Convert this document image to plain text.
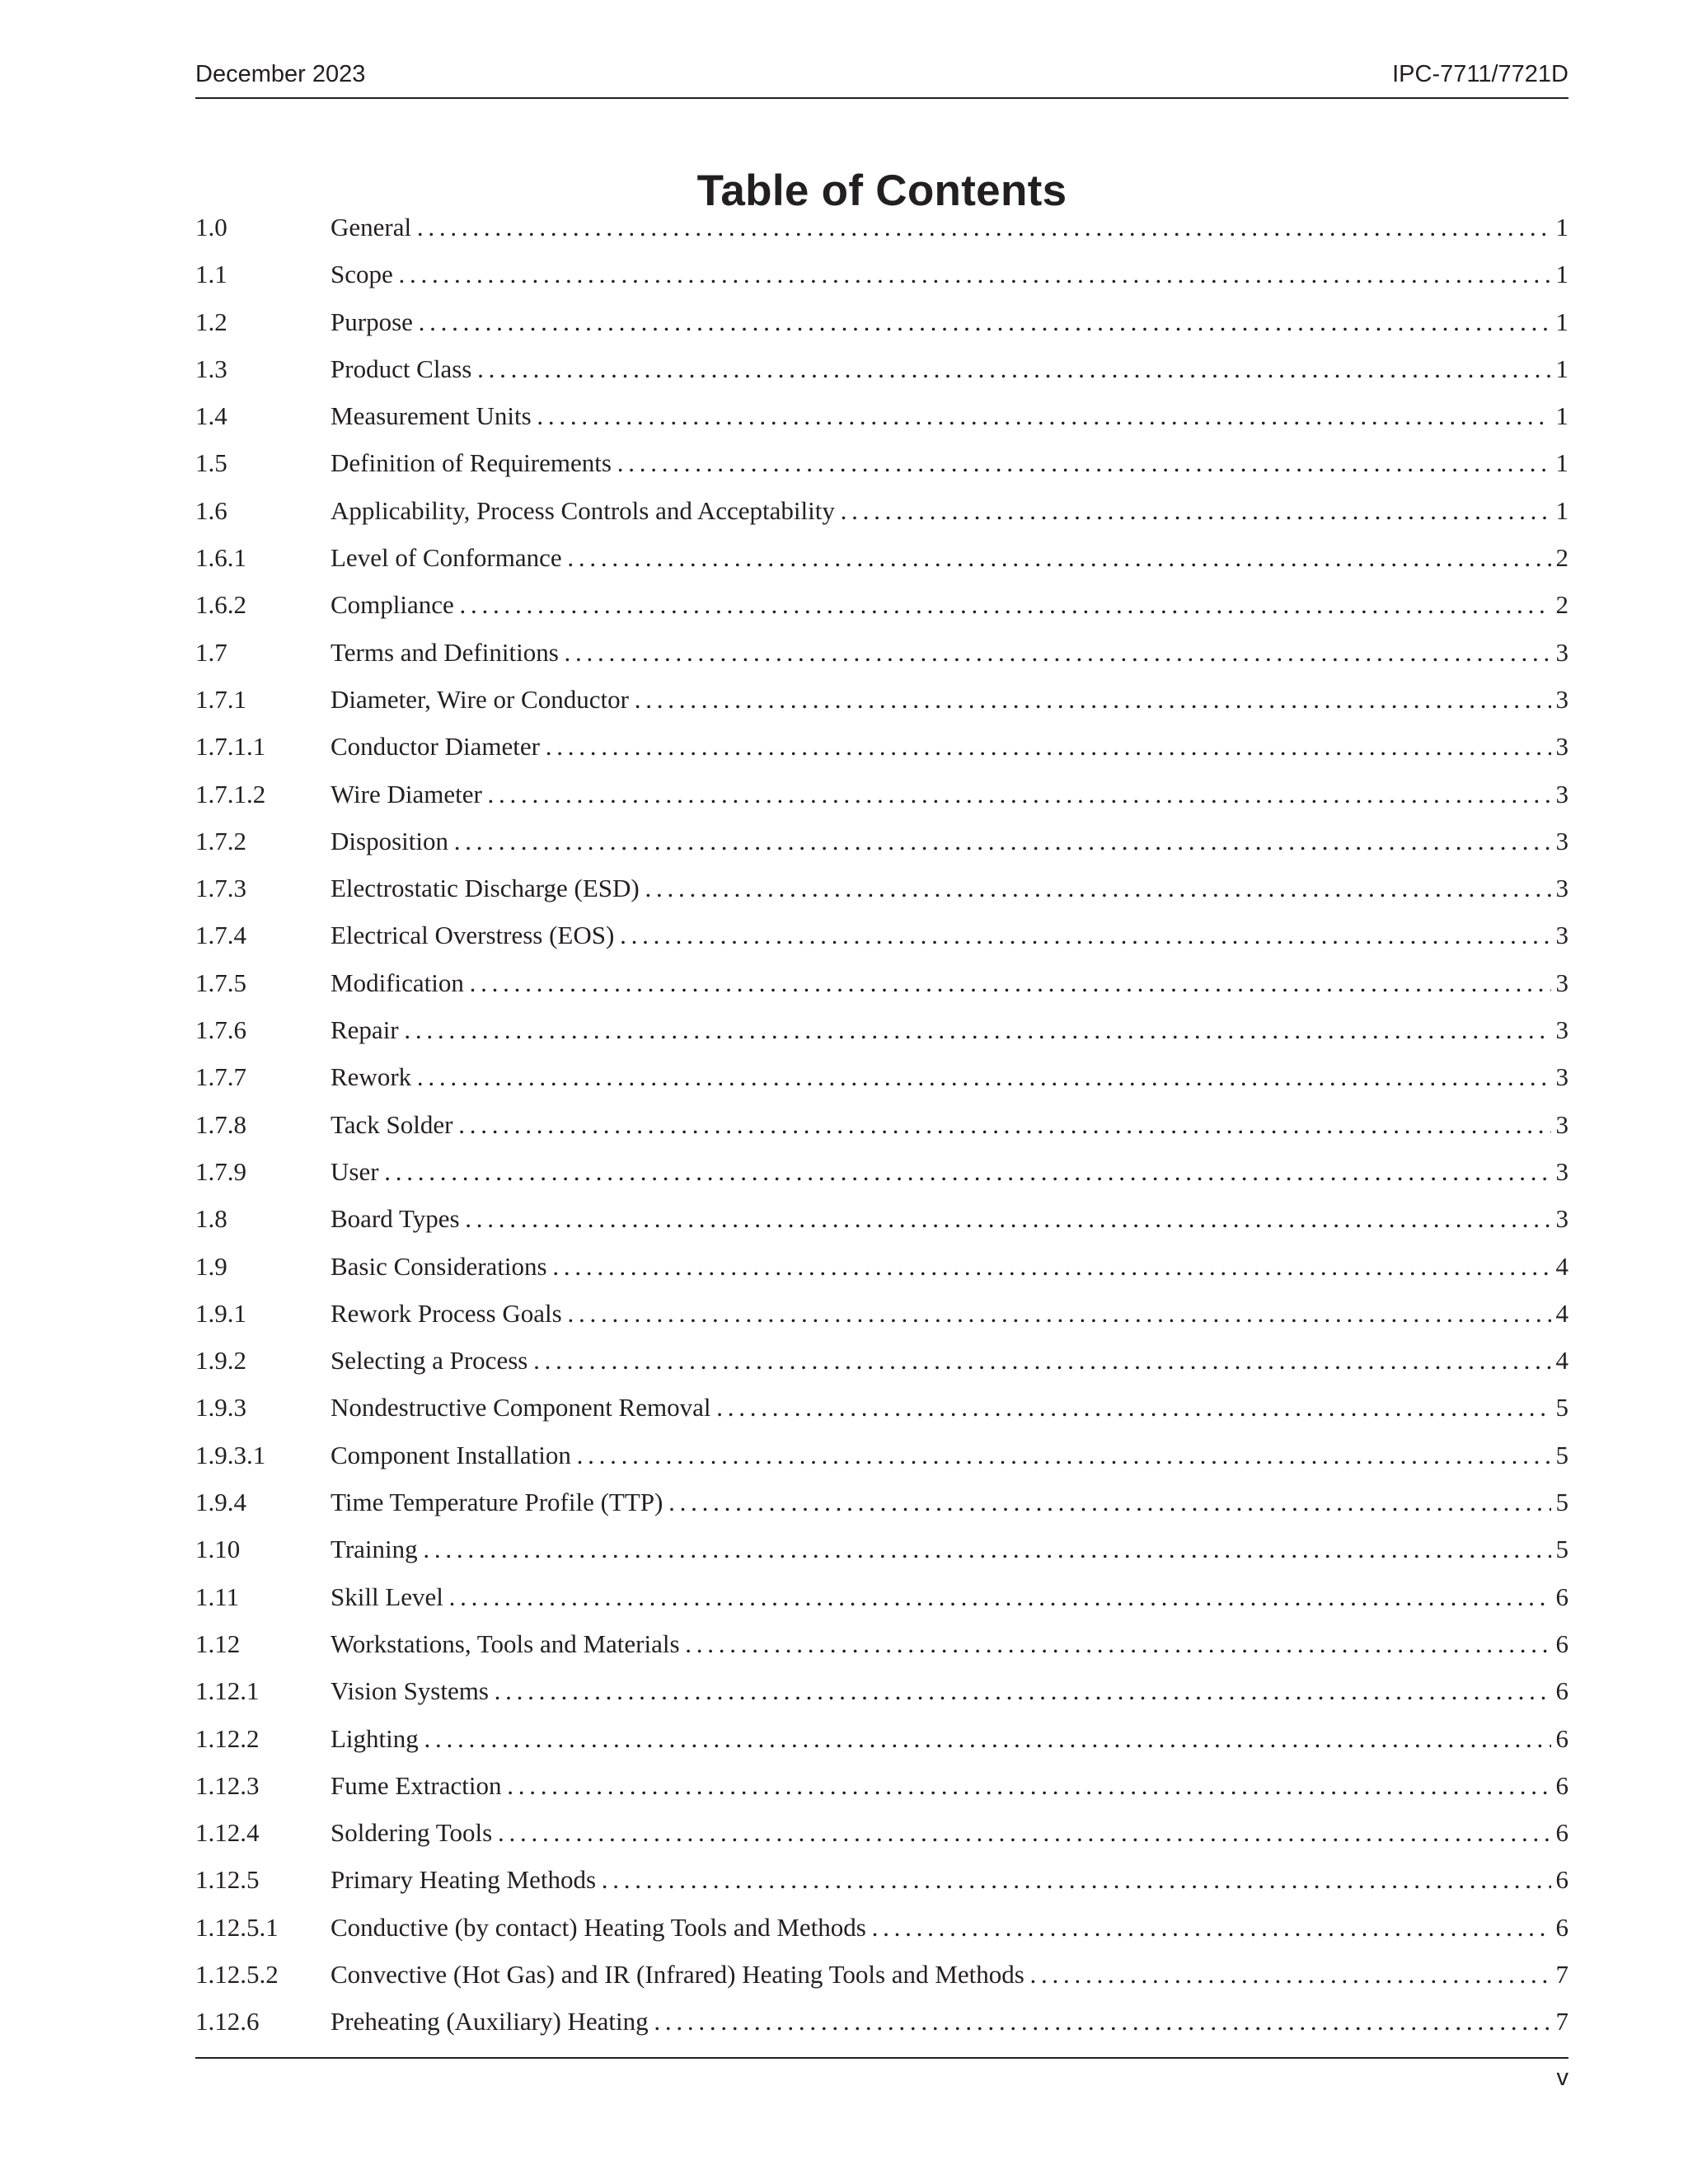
December 2023	IPC-7711/7721D
Table of Contents
1.0	General . . .	1
1.1	Scope . . .	1
1.2	Purpose . . .	1
1.3	Product Class . . .	1
1.4	Measurement Units . . .	1
1.5	Definition of Requirements . . .	1
1.6	Applicability, Process Controls and Acceptability . . .	1
1.6.1	Level of Conformance . . .	2
1.6.2	Compliance . . .	2
1.7	Terms and Definitions . . .	3
1.7.1	Diameter, Wire or Conductor . . .	3
1.7.1.1	Conductor Diameter . . .	3
1.7.1.2	Wire Diameter . . .	3
1.7.2	Disposition . . .	3
1.7.3	Electrostatic Discharge (ESD) . . .	3
1.7.4	Electrical Overstress (EOS) . . .	3
1.7.5	Modification . . .	3
1.7.6	Repair . . .	3
1.7.7	Rework . . .	3
1.7.8	Tack Solder . . .	3
1.7.9	User . . .	3
1.8	Board Types . . .	3
1.9	Basic Considerations . . .	4
1.9.1	Rework Process Goals . . .	4
1.9.2	Selecting a Process . . .	4
1.9.3	Nondestructive Component Removal . . .	5
1.9.3.1	Component Installation . . .	5
1.9.4	Time Temperature Profile (TTP) . . .	5
1.10	Training . . .	5
1.11	Skill Level . . .	6
1.12	Workstations, Tools and Materials . . .	6
1.12.1	Vision Systems . . .	6
1.12.2	Lighting . . .	6
1.12.3	Fume Extraction . . .	6
1.12.4	Soldering Tools . . .	6
1.12.5	Primary Heating Methods . . .	6
1.12.5.1 Conductive (by contact) Heating Tools and Methods . . .	6
1.12.5.2 Convective (Hot Gas) and IR (Infrared) Heating Tools and Methods . . .	7
1.12.6	Preheating (Auxiliary) Heating . . .	7
v
